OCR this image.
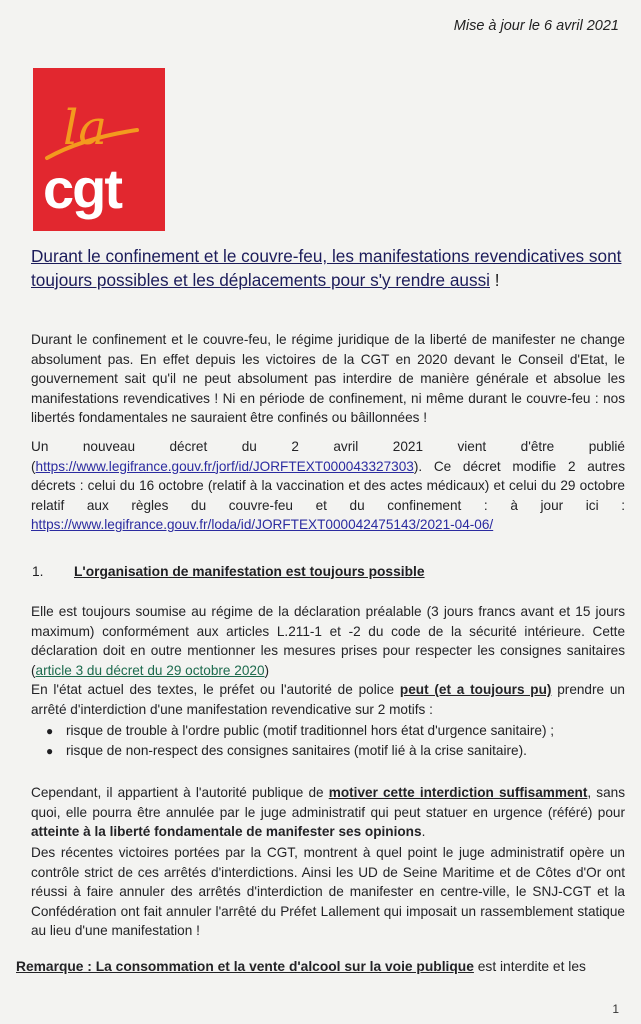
Mise à jour le 6 avril 2021
la
cgt
Durant le confinement et le couvre-feu, les manifestations revendicatives sont toujours possibles et les déplacements pour s'y rendre aussi !
Durant le confinement et le couvre-feu, le régime juridique de la liberté de manifester ne change absolument pas. En effet depuis les victoires de la CGT en 2020 devant le Conseil d'Etat, le gouvernement sait qu'il ne peut absolument pas interdire de manière générale et absolue les manifestations revendicatives ! Ni en période de confinement, ni même durant le couvre-feu : nos libertés fondamentales ne sauraient être confinés ou bâillonnées !
Un nouveau décret du 2 avril 2021 vient d'être publié (https://www.legifrance.gouv.fr/jorf/id/JORFTEXT000043327303). Ce décret modifie 2 autres décrets : celui du 16 octobre (relatif à la vaccination et des actes médicaux) et celui du 29 octobre relatif aux règles du couvre-feu et du confinement : à jour ici : https://www.legifrance.gouv.fr/loda/id/JORFTEXT000042475143/2021-04-06/
1. L'organisation de manifestation est toujours possible
Elle est toujours soumise au régime de la déclaration préalable (3 jours francs avant et 15 jours maximum) conformément aux articles L.211-1 et -2 du code de la sécurité intérieure. Cette déclaration doit en outre mentionner les mesures prises pour respecter les consignes sanitaires (article 3 du décret du 29 octobre 2020)
En l'état actuel des textes, le préfet ou l'autorité de police peut (et a toujours pu) prendre un arrêté d'interdiction d'une manifestation revendicative sur 2 motifs :
● risque de trouble à l'ordre public (motif traditionnel hors état d'urgence sanitaire) ;
● risque de non-respect des consignes sanitaires (motif lié à la crise sanitaire).
Cependant, il appartient à l'autorité publique de motiver cette interdiction suffisamment, sans quoi, elle pourra être annulée par le juge administratif qui peut statuer en urgence (référé) pour atteinte à la liberté fondamentale de manifester ses opinions.
Des récentes victoires portées par la CGT, montrent à quel point le juge administratif opère un contrôle strict de ces arrêtés d'interdictions. Ainsi les UD de Seine Maritime et de Côtes d'Or ont réussi à faire annuler des arrêtés d'interdiction de manifester en centre-ville, le SNJ-CGT et la Confédération ont fait annuler l'arrêté du Préfet Lallement qui imposait un rassemblement statique au lieu d'une manifestation !
Remarque : La consommation et la vente d'alcool sur la voie publique est interdite et les
1
